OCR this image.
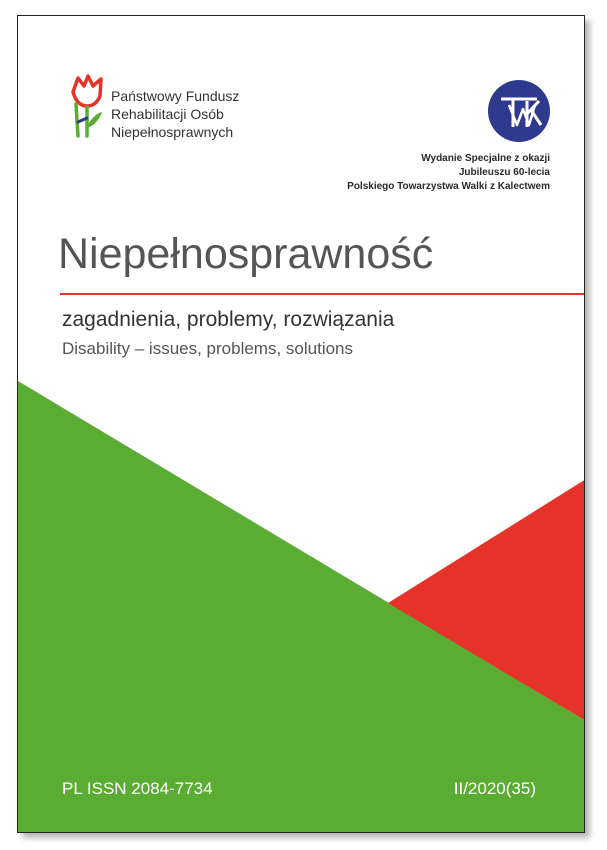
Państwowy Fundusz
Rehabilitacji Osób
Niepełnosprawnych
Wydanie Specjalne z okazji
Jubileuszu 60-lecia
Polskiego Towarzystwa Walki z Kalectwem
Niepełnosprawność
zagadnienia, problemy, rozwiązania
Disability – issues, problems, solutions
PL ISSN 2084-7734	II/2020(35)
